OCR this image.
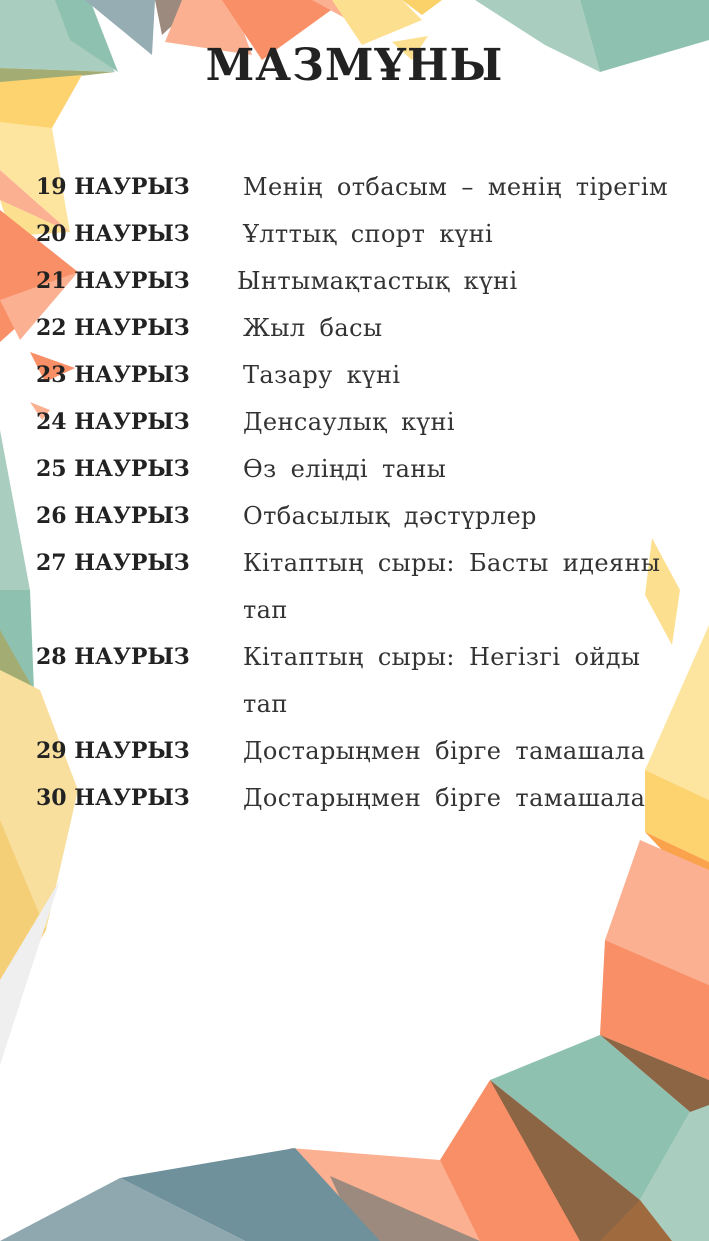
МАЗМҰНЫ
19 НАУРЫЗ	Менің отбасым – менің тірегім
20 НАУРЫЗ	Ұлттық спорт күні
21 НАУРЫЗ	Ынтымақтастық күні
22 НАУРЫЗ	Жыл басы
23 НАУРЫЗ	Тазару күні
24 НАУРЫЗ	Денсаулық күні
25 НАУРЫЗ	Өз еліңді таны
26 НАУРЫЗ	Отбасылық дәстүрлер
27 НАУРЫЗ	Кітаптың сыры: Басты идеяны тап
28 НАУРЫЗ	Кітаптың сыры: Негізгі ойды тап
29 НАУРЫЗ	Достарыңмен бірге тамашала
30 НАУРЫЗ	Достарыңмен бірге тамашала
